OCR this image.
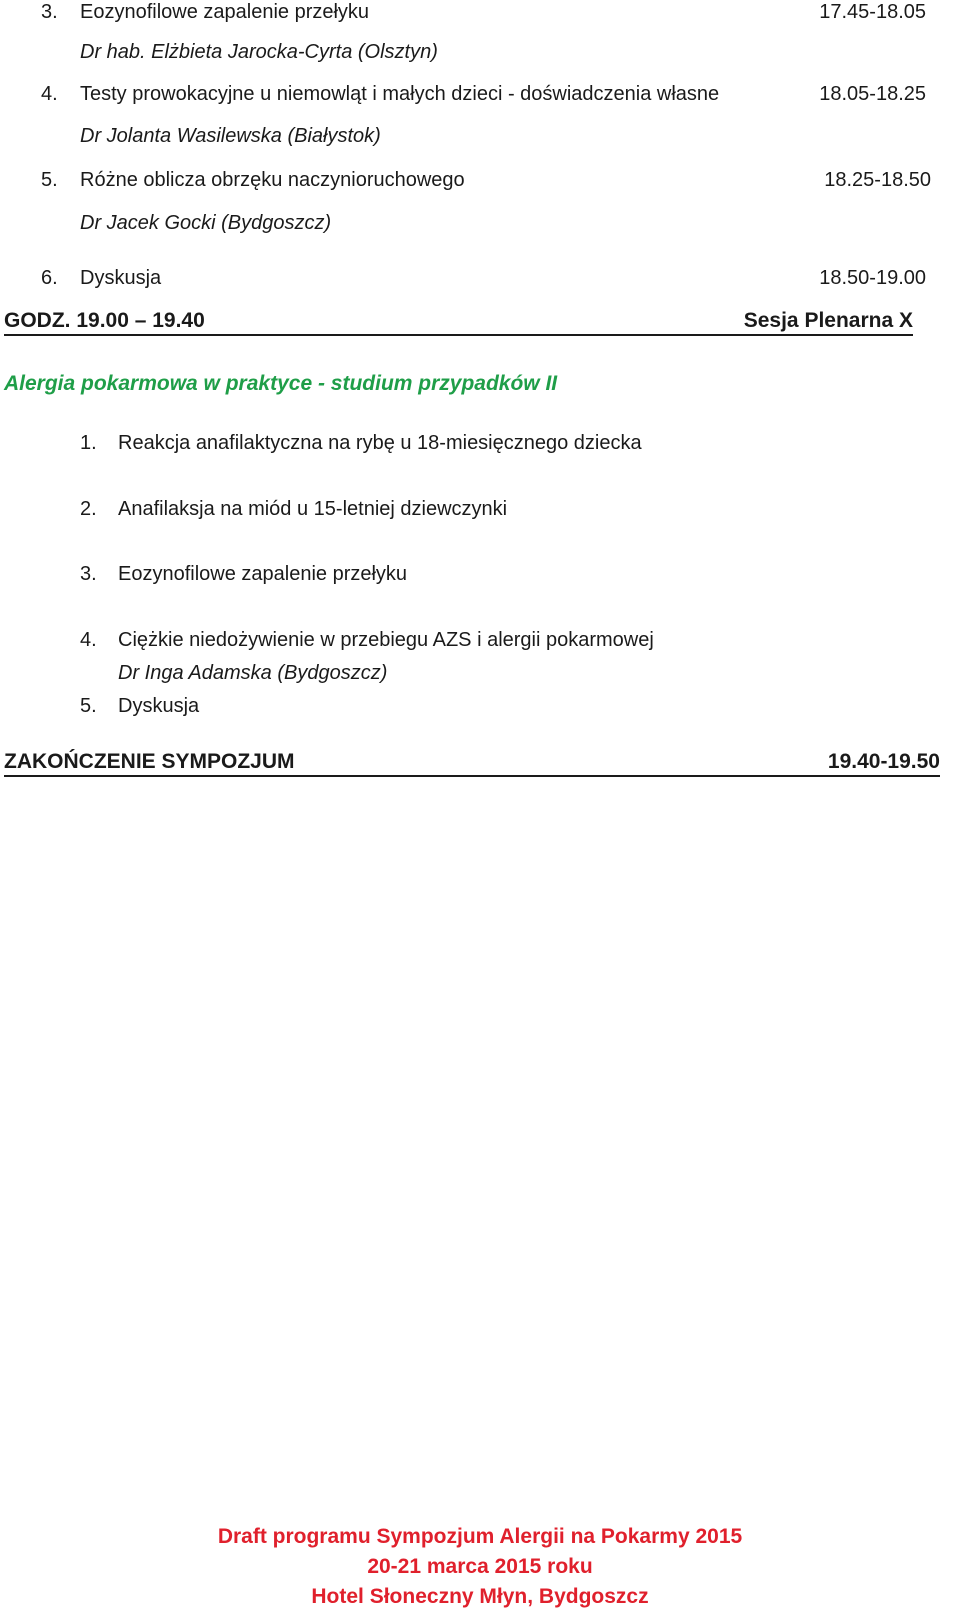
3. Eozynofilowe zapalenie przełyku	17.45-18.05
Dr hab. Elżbieta Jarocka-Cyrta (Olsztyn)
4. Testy prowokacyjne u niemowląt i małych dzieci - doświadczenia własne	18.05-18.25
Dr Jolanta Wasilewska (Białystok)
5. Różne oblicza obrzęku naczynioruchowego	18.25-18.50
Dr Jacek Gocki (Bydgoszcz)
6. Dyskusja	18.50-19.00
GODZ. 19.00 – 19.40	Sesja Plenarna X
Alergia pokarmowa w praktyce - studium przypadków II
1. Reakcja anafilaktyczna na rybę u 18-miesięcznego dziecka
2. Anafilaksja na miód u 15-letniej dziewczynki
3. Eozynofilowe zapalenie przełyku
4. Ciężkie niedożywienie w przebiegu AZS i alergii pokarmowej
Dr Inga Adamska (Bydgoszcz)
5. Dyskusja
ZAKOŃCZENIE SYMPOZJUM	19.40-19.50
Draft programu Sympozjum Alergii na Pokarmy 2015
20-21 marca 2015 roku
Hotel Słoneczny Młyn, Bydgoszcz
